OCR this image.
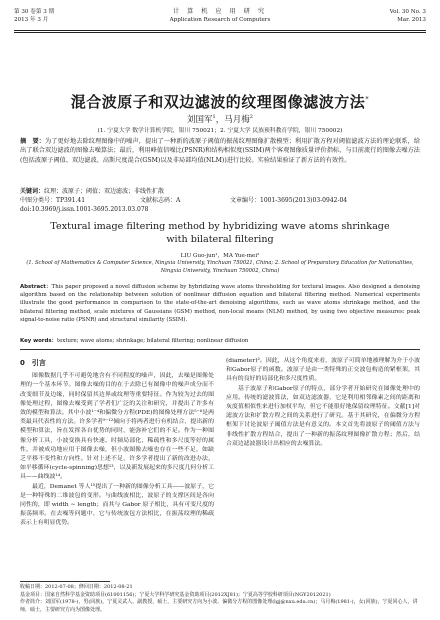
第 30 卷第 3 期
2013 年 3 月
计 算 机 应 用 研 究
Application Research of Computers
Vol. 30 No. 3
Mar. 2013
混合波原子和双边滤波的纹理图像滤波方法*
刘国军$^1$，马月梅$^2$
(1. 宁夏大学 数学计算机学院，银川 750021；2. 宁夏大学 民族预科教育学院，银川 750002)
摘　要：为了更好地去除纹理图像中的噪声，提出了一种新的波原子阈值的振荡纹理图像扩散模型；利用扩散方程对阈值滤波方法的理论联系，给出了联合双边滤波的图像去噪算法；最后，利用峰值信噪比(PSNR)和结构相似度(SSIM)两个客观图像质量评价指标，与目前流行的图像去噪方法(包括波原子阈值、双边滤波、高斯尺度混合(GSM)以及非局部均值(NLM))进行比较。实验结果验证了新方法的有效性。
关键词：纹理；波原子；阈值；双边滤波；非线性扩散
中图分类号：TP391.41	文献标志码：A	文章编号：1001-3695(2013)03-0942-04
doi:10.3969/j.issn.1001-3695.2013.03.078
Textural image filtering method by hybridizing wave atoms shrinkage with bilateral filtering
LIU Guo-jun¹，MA Yue-mei²
(1. School of Mathematics & Computer Science, Ningxia University, Yinchuan 750021, China; 2. School of Preparatory Education for Nationalities, Ningxia University, Yinchuan 750002, China)
Abstract：This paper proposed a novel diffusion scheme by hybridizing wave atoms thresholding for textural images. Also designed a denoising algorithm based on the relationship between solution of nonlinear diffusion equation and bilateral filtering method. Numerical experiments illustrate the good performance in comparison to the state-of-the-art denoising algorithms, such as wave atoms shrinkage method, and the bilateral filtering method, scale mixtures of Gaussians (GSM) method, non-local means (NLM) method, by using two objective measures: peak signal-to-noise ratio (PSNR) and structural similarity (SSIM).
Key words：texture; wave atoms; shrinkage; bilateral filtering; nonlinear diffusion

0　引言

图像数据几乎不可避免地含有不同程度的噪声，因此，去噪是图像处理的一个基本环节。图像去噪的目的在于去除已有图像中的噪声成分而不改变细节及边缘，同时保留其边界或纹理等重要特征。作为较为过去的图像处理过程，图像去噪受到了学者们广泛的关注和研究，并提出了许多有效的模型和算法。其中小波¹⁻⁴和偏微分方程(PDE)的图像处理方法⁵⁻⁸是两类最具代表性的方法。许多学者⁹⁻¹²倾向于将两者进行有机结合，提出新的模型和算法，旨在发挥各自优势的同时，能弥补它们的不足。作为一种图像分析工具，小波变换具有快速、时频局部化、稀疏性和多尺度等好的属性，并被成功地应用于图像去噪，但小波图像去噪也存在一些不足，如缺乏平移不变性和方向性。针对上述不足，许多学者提出了新的改进办法，如平移循环(cycle-spinning)思想¹³，以及新发展起来的多尺度几何分析工具——曲线波¹⁴。

最近，Demanet 等人¹⁵提出了一种新的图像分析工具——波原子，它是一种特殊的二维波包的变形。与曲线波相比，波原子的支撑区间是各向同性的，即 width ∼ length；而其与 Gabor 原子相比，具有可变尺度的振荡频率。在去噪等问题中，它与传统波包方法相比，在振荡纹理的稀疏表示上有明显优势。

(diameter)²。因此，从这个角度来看，波原子可简单地被理解为介于小波和Gabor原子的函数。波原子是由一类特殊的正交波包构造的紧框架，其具有的良好的局部化和多尺度性质。

基于波原子和Gabor原子的特点，部分学者开始研究在图像处理中的应用。传统的滤波算法，如双边滤波器，它是利用相邻像素之间的距离和灰度值相似性来进行加权平均，但它不能很好地保留纹理特征。文献[1]对滤波方法和扩散方程之间的关系进行了研究。基于其研究，在偏微分方程框架下讨论波原子阈值方法是有意义的。本文首先将波原子的阈值方法与非线性扩散方程结合，提出了一种新的振荡纹理图像扩散方程；然后，结合双边滤波器设计出相应的去噪算法。

收稿日期：2012-07-08；修回日期：2012-08-21
基金项目：国家自然科学基金资助项目(61001156)；宁夏大学科学研究基金资助项目(2012XJ81)；宁夏高等学校科研项目(NGY2012021)
作者简介：刘国军(1978-)，男(回族)，宁夏灵武人，副教授，硕士，主要研究方向为小波、偏微分方程的图像处理(lgj@nxu.edu.cn)；马月梅(1981-)，女(回族)，宁夏同心人，讲师，硕士，主要研究方向为图像处理。
